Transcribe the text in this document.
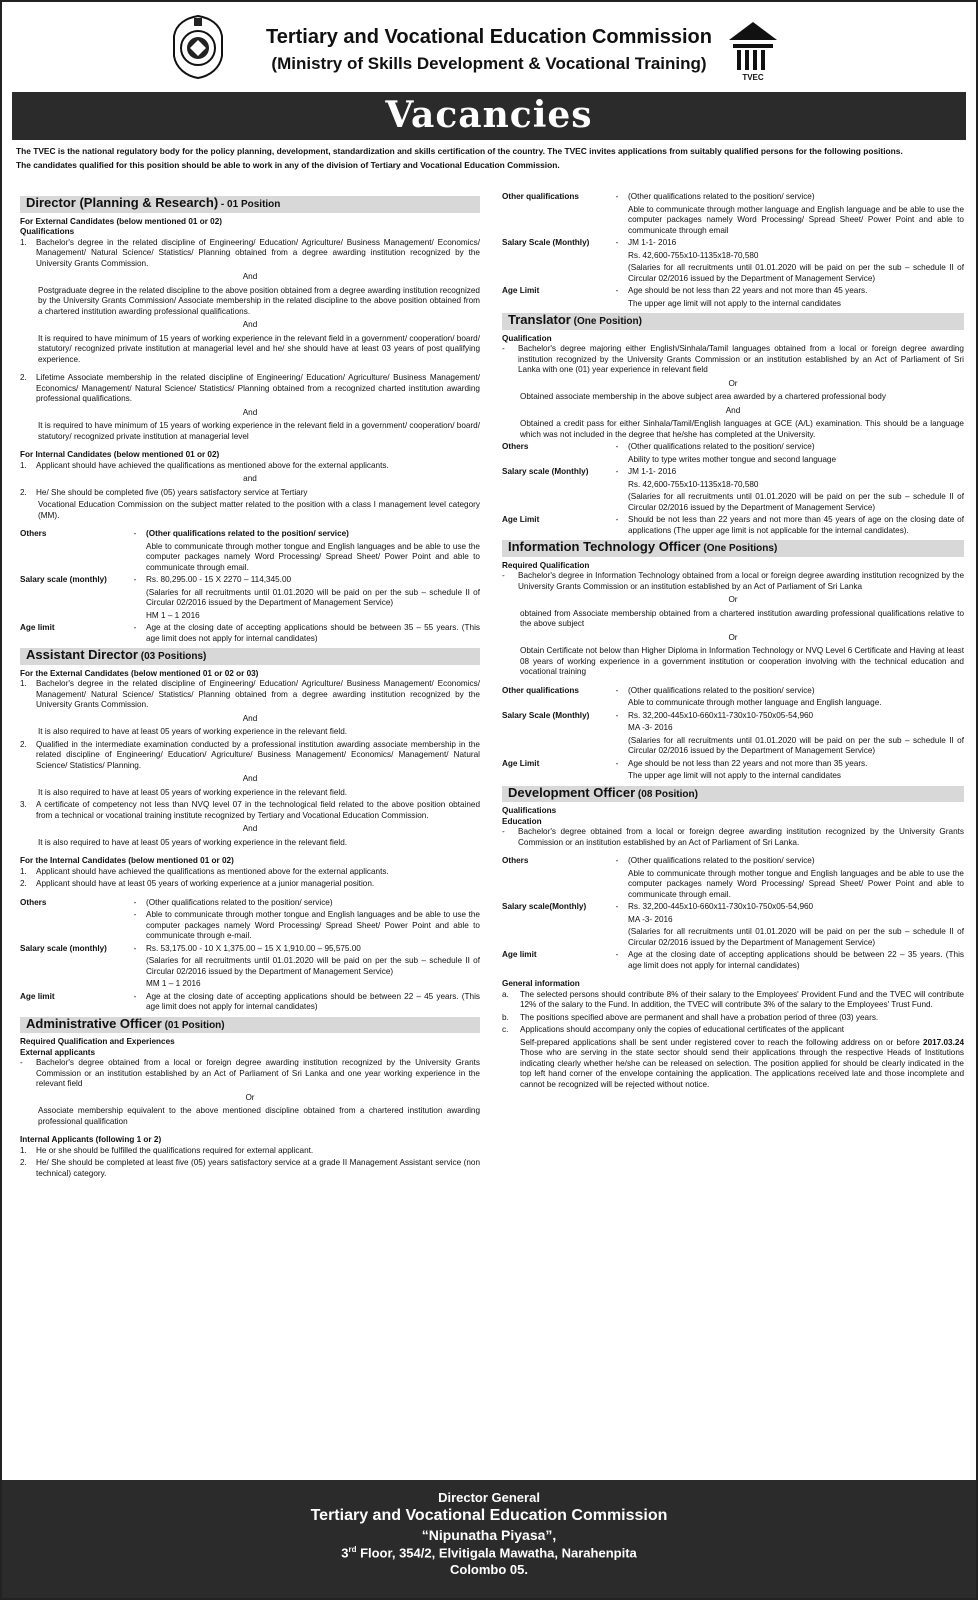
Tertiary and Vocational Education Commission
(Ministry of Skills Development & Vocational Training)
TVEC
Vacancies

The TVEC is the national regulatory body for the policy planning, development, standardization and skills certification of the country. The TVEC invites applications from suitably qualified persons for the following positions.

The candidates qualified for this position should be able to work in any of the division of Tertiary and Vocational Education Commission.

Director (Planning & Research) - 01 Position
For External Candidates (below mentioned 01 or 02)
Qualifications
1.	Bachelor's degree in the related discipline of Engineering/ Education/ Agriculture/ Business Management/ Economics/ Management/ Natural Science/ Statistics/ Planning obtained from a degree awarding institution recognized by the University Grants Commission.
And
Postgraduate degree in the related discipline to the above position obtained from a degree awarding institution recognized by the University Grants Commission/ Associate membership in the related discipline to the above position obtained from a chartered institution awarding professional qualifications.
And
It is required to have minimum of 15 years of working experience in the relevant field in a government/ cooperation/ board/ statutory/ recognized private institution at managerial level and he/ she should have at least 03 years of post qualifying experience.
2.	Lifetime Associate membership in the related discipline of Engineering/ Education/ Agriculture/ Business Management/ Economics/ Management/ Natural Science/ Statistics/ Planning obtained from a recognized charted institution awarding professional qualifications.
And
It is required to have minimum of 15 years of working experience in the relevant field in a government/ cooperation/ board/ statutory/ recognized private institution at managerial level
For Internal Candidates (below mentioned 01 or 02)
1.	Applicant should have achieved the qualifications as mentioned above for the external applicants.
and
2.	He/ She should be completed five (05) years satisfactory service at Tertiary
Vocational Education Commission on the subject matter related to the position with a class I management level category (MM).
Others	-	(Other qualifications related to the position/ service)
Able to communicate through mother tongue and English languages and be able to use the computer packages namely Word Processing/ Spread Sheet/ Power Point and able to communicate through email.
Salary scale (monthly)	-	Rs. 80,295.00 - 15 X 2270 – 114,345.00
(Salaries for all recruitments until 01.01.2020 will be paid on per the sub – schedule II of Circular 02/2016 issued by the Department of Management Service)
HM 1 – 1 2016
Age limit	-	Age at the closing date of accepting applications should be between 35 – 55 years. (This age limit does not apply for internal candidates)
Assistant Director (03 Positions)
For the External Candidates (below mentioned 01 or 02 or 03)
1.	Bachelor's degree in the related discipline of Engineering/ Education/ Agriculture/ Business Management/ Economics/ Management/ Natural Science/ Statistics/ Planning obtained from a degree awarding institution recognized by the University Grants Commission.
And
It is also required to have at least 05 years of working experience in the relevant field.
2.	Qualified in the intermediate examination conducted by a professional institution awarding associate membership in the related discipline of Engineering/ Education/ Agriculture/ Business Management/ Economics/ Management/ Natural Science/ Statistics/ Planning.
And
It is also required to have at least 05 years of working experience in the relevant field.
3.	A certificate of competency not less than NVQ level 07 in the technological field related to the above position obtained from a technical or vocational training institute recognized by Tertiary and Vocational Education Commission.
And
It is also required to have at least 05 years of working experience in the relevant field.
For the Internal Candidates (below mentioned 01 or 02)
1.	Applicant should have achieved the qualifications as mentioned above for the external applicants.
2.	Applicant should have at least 05 years of working experience at a junior managerial position.
Others	-	(Other qualifications related to the position/ service)
-	Able to communicate through mother tongue and English languages and be able to use the computer packages namely Word Processing/ Spread Sheet/ Power Point and able to communicate through e-mail.
Salary scale (monthly)	-	Rs. 53,175.00 - 10 X 1,375.00 – 15 X 1,910.00 – 95,575.00
(Salaries for all recruitments until 01.01.2020 will be paid on per the sub – schedule II of Circular 02/2016 issued by the Department of Management Service)
MM 1 – 1 2016
Age limit	-	Age at the closing date of accepting applications should be between 22 – 45 years. (This age limit does not apply for internal candidates)
Administrative Officer (01 Position)
Required Qualification and Experiences
External applicants
-	Bachelor's degree obtained from a local or foreign degree awarding institution recognized by the University Grants Commission or an institution established by an Act of Parliament of Sri Lanka and one year working experience in the relevant field
Or
Associate membership equivalent to the above mentioned discipline obtained from a chartered institution awarding professional qualification
Internal Applicants (following 1 or 2)
1.	He or she should be fulfilled the qualifications required for external applicant.
2.	He/ She should be completed at least five (05) years satisfactory service at a grade II Management Assistant service (non technical) category.
Other qualifications	-	(Other qualifications related to the position/ service)
Able to communicate through mother language and English language and be able to use the computer packages namely Word Processing/ Spread Sheet/ Power Point and able to communicate through email
Salary Scale (Monthly)	-	JM 1-1- 2016
Rs. 42,600-755x10-1135x18-70,580
(Salaries for all recruitments until 01.01.2020 will be paid on per the sub – schedule II of Circular 02/2016 issued by the Department of Management Service)
Age Limit	-	Age should be not less than 22 years and not more than 45 years.
The upper age limit will not apply to the internal candidates
Translator (One Position)
Qualification
-	Bachelor's degree majoring either English/Sinhala/Tamil languages obtained from a local or foreign degree awarding institution recognized by the University Grants Commission or an institution established by an Act of Parliament of Sri Lanka with one (01) year experience in relevant field
Or
Obtained associate membership in the above subject area awarded by a chartered professional body
And
Obtained a credit pass for either Sinhala/Tamil/English languages at GCE (A/L) examination. This should be a language which was not included in the degree that he/she has completed at the University.
Others	-	(Other qualifications related to the position/ service)
Ability to type writes mother tongue and second language
Salary scale (Monthly)	-	JM 1-1- 2016
Rs. 42,600-755x10-1135x18-70,580
(Salaries for all recruitments until 01.01.2020 will be paid on per the sub – schedule II of Circular 02/2016 issued by the Department of Management Service)
Age Limit	-	Should be not less than 22 years and not more than 45 years of age on the closing date of applications (The upper age limit is not applicable for the internal candidates).
Information Technology Officer (One Positions)
Required Qualification
-	Bachelor's degree in Information Technology obtained from a local or foreign degree awarding institution recognized by the University Grants Commission or an institution established by an Act of Parliament of Sri Lanka
Or
obtained from Associate membership obtained from a chartered institution awarding professional qualifications relative to the above subject
Or
Obtain Certificate not below than Higher Diploma in Information Technology or NVQ Level 6 Certificate and Having at least 08 years of working experience in a government institution or cooperation involving with the technical education and vocational training
Other qualifications	-	(Other qualifications related to the position/ service)
Able to communicate through mother language and English language.
Salary Scale (Monthly)	-	Rs. 32,200-445x10-660x11-730x10-750x05-54,960
MA -3- 2016
(Salaries for all recruitments until 01.01.2020 will be paid on per the sub – schedule II of Circular 02/2016 issued by the Department of Management Service)
Age Limit	-	Age should be not less than 22 years and not more than 35 years.
The upper age limit will not apply to the internal candidates
Development Officer (08 Position)
Qualifications
Education
-	Bachelor's degree obtained from a local or foreign degree awarding institution recognized by the University Grants Commission or an institution established by an Act of Parliament of Sri Lanka.
Others	-	(Other qualifications related to the position/ service)
Able to communicate through mother tongue and English languages and be able to use the computer packages namely Word Processing/ Spread Sheet/ Power Point and able to communicate through email.
Salary scale(Monthly)	-	Rs. 32,200-445x10-660x11-730x10-750x05-54,960
MA -3- 2016
(Salaries for all recruitments until 01.01.2020 will be paid on per the sub – schedule II of Circular 02/2016 issued by the Department of Management Service)
Age limit	-	Age at the closing date of accepting applications should be between 22 – 35 years. (This age limit does not apply for internal candidates)
General information
a.	The selected persons should contribute 8% of their salary to the Employees' Provident Fund and the TVEC will contribute 12% of the salary to the Fund. In addition, the TVEC will contribute 3% of the salary to the Employees' Trust Fund.
b.	The positions specified above are permanent and shall have a probation period of three (03) years.
c.	Applications should accompany only the copies of educational certificates of the applicant
Self-prepared applications shall be sent under registered cover to reach the following address on or before 2017.03.24 Those who are serving in the state sector should send their applications through the respective Heads of Institutions indicating clearly whether he/she can be released on selection. The position applied for should be clearly indicated in the top left hand corner of the envelope containing the application. The applications received late and those incomplete and cannot be recognized will be rejected without notice.
Director General
Tertiary and Vocational Education Commission
“Nipunatha Piyasa”,
3rd Floor, 354/2, Elvitigala Mawatha, Narahenpita
Colombo 05.
